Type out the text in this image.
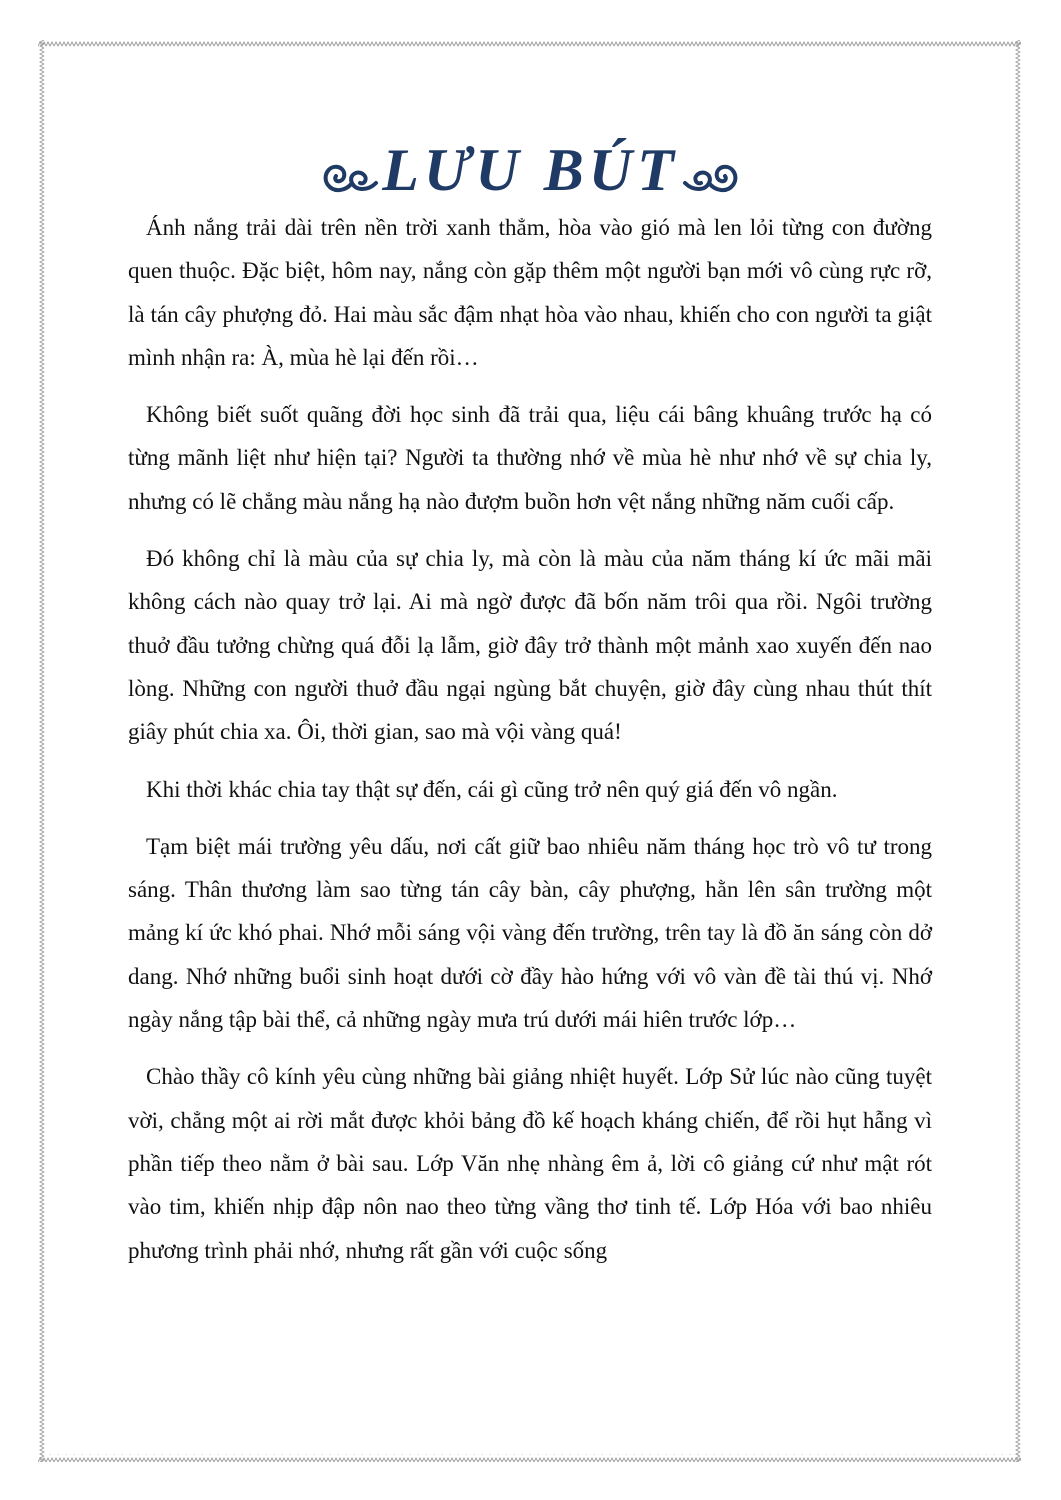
LƯU BÚT

Ánh nắng trải dài trên nền trời xanh thẳm, hòa vào gió mà len lỏi từng con đường quen thuộc. Đặc biệt, hôm nay, nắng còn gặp thêm một người bạn mới vô cùng rực rỡ, là tán cây phượng đỏ. Hai màu sắc đậm nhạt hòa vào nhau, khiến cho con người ta giật mình nhận ra: À, mùa hè lại đến rồi…

Không biết suốt quãng đời học sinh đã trải qua, liệu cái bâng khuâng trước hạ có từng mãnh liệt như hiện tại? Người ta thường nhớ về mùa hè như nhớ về sự chia ly, nhưng có lẽ chẳng màu nắng hạ nào đượm buồn hơn vệt nắng những năm cuối cấp.

Đó không chỉ là màu của sự chia ly, mà còn là màu của năm tháng kí ức mãi mãi không cách nào quay trở lại. Ai mà ngờ được đã bốn năm trôi qua rồi. Ngôi trường thuở đầu tưởng chừng quá đỗi lạ lẫm, giờ đây trở thành một mảnh xao xuyến đến nao lòng. Những con người thuở đầu ngại ngùng bắt chuyện, giờ đây cùng nhau thút thít giây phút chia xa. Ôi, thời gian, sao mà vội vàng quá!

Khi thời khác chia tay thật sự đến, cái gì cũng trở nên quý giá đến vô ngần.

Tạm biệt mái trường yêu dấu, nơi cất giữ bao nhiêu năm tháng học trò vô tư trong sáng. Thân thương làm sao từng tán cây bàn, cây phượng, hằn lên sân trường một mảng kí ức khó phai. Nhớ mỗi sáng vội vàng đến trường, trên tay là đồ ăn sáng còn dở dang. Nhớ những buổi sinh hoạt dưới cờ đầy hào hứng với vô vàn đề tài thú vị. Nhớ ngày nắng tập bài thể, cả những ngày mưa trú dưới mái hiên trước lớp…

Chào thầy cô kính yêu cùng những bài giảng nhiệt huyết. Lớp Sử lúc nào cũng tuyệt vời, chẳng một ai rời mắt được khỏi bảng đồ kế hoạch kháng chiến, để rồi hụt hẫng vì phần tiếp theo nằm ở bài sau. Lớp Văn nhẹ nhàng êm ả, lời cô giảng cứ như mật rót vào tim, khiến nhịp đập nôn nao theo từng vầng thơ tinh tế. Lớp Hóa với bao nhiêu phương trình phải nhớ, nhưng rất gần với cuộc sống
